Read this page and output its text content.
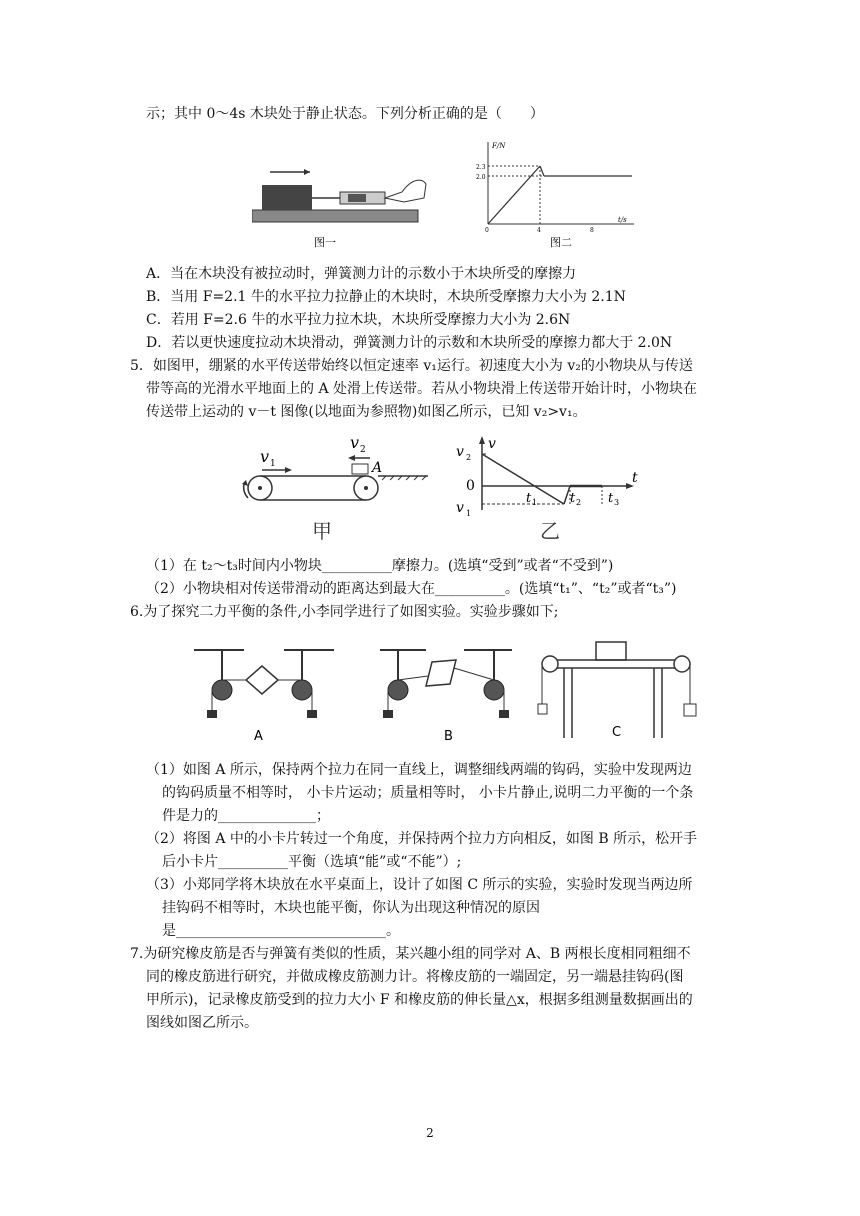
示；其中 0～4s 木块处于静止状态。下列分析正确的是（　　）
图一
F/N
t/s
2.3
2.0
0	4	8
图二
A．当在木块没有被拉动时，弹簧测力计的示数小于木块所受的摩擦力
B．当用 F=2.1 牛的水平拉力拉静止的木块时，木块所受摩擦力大小为 2.1N
C．若用 F=2.6 牛的水平拉力拉木块，木块所受摩擦力大小为 2.6N
D．若以更快速度拉动木块滑动，弹簧测力计的示数和木块所受的摩擦力都大于 2.0N
5．如图甲，绷紧的水平传送带始终以恒定速率 v₁运行。初速度大小为 v₂的小物块从与传送
带等高的光滑水平地面上的 A 处滑上传送带。若从小物块滑上传送带开始计时，小物块在
传送带上运动的 v－t 图像(以地面为参照物)如图乙所示，已知 v₂>v₁。
v 1
v 2
A
甲
t
v
v 2
0
v 1
t 1	t 2 t 3
乙
（1）在 t₂～t₃时间内小物块__________摩擦力。(选填“受到”或者“不受到”)
（2）小物块相对传送带滑动的距离达到最大在__________。(选填“t₁”、“t₂”或者“t₃”)
6.为了探究二力平衡的条件,小李同学进行了如图实验。实验步骤如下;
A	B	C
（1）如图 A 所示，保持两个拉力在同一直线上，调整细线两端的钩码，实验中发现两边
的钩码质量不相等时， 小卡片运动；质量相等时， 小卡片静止,说明二力平衡的一个条
件是力的______________；
（2）将图 A 中的小卡片转过一个角度，并保持两个拉力方向相反，如图 B 所示，松开手
后小卡片__________平衡（选填“能”或“不能”）;
（3）小郑同学将木块放在水平桌面上，设计了如图 C 所示的实验，实验时发现当两边所
挂钩码不相等时，木块也能平衡，你认为出现这种情况的原因
是______________________________。
7.为研究橡皮筋是否与弹簧有类似的性质，某兴趣小组的同学对 A、B 两根长度相同粗细不
同的橡皮筋进行研究，并做成橡皮筋测力计。将橡皮筋的一端固定，另一端悬挂钩码(图
甲所示)，记录橡皮筋受到的拉力大小 F 和橡皮筋的伸长量△x，根据多组测量数据画出的
图线如图乙所示。
2
